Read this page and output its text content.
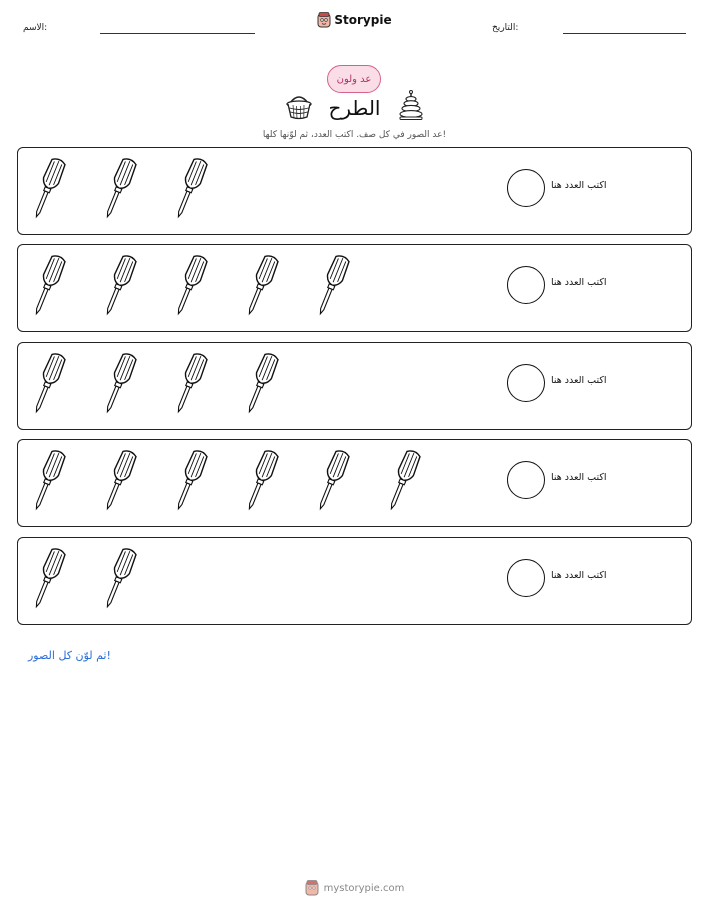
الاسم:
Storypie
التاريخ:
عد ولون
الطرح
عد الصور في كل صف. اكتب العدد، ثم لوّنها كلها!
اكتب العدد هنا
اكتب العدد هنا
اكتب العدد هنا
اكتب العدد هنا
اكتب العدد هنا
ثم لوّن كل الصور!
mystorypie.com
